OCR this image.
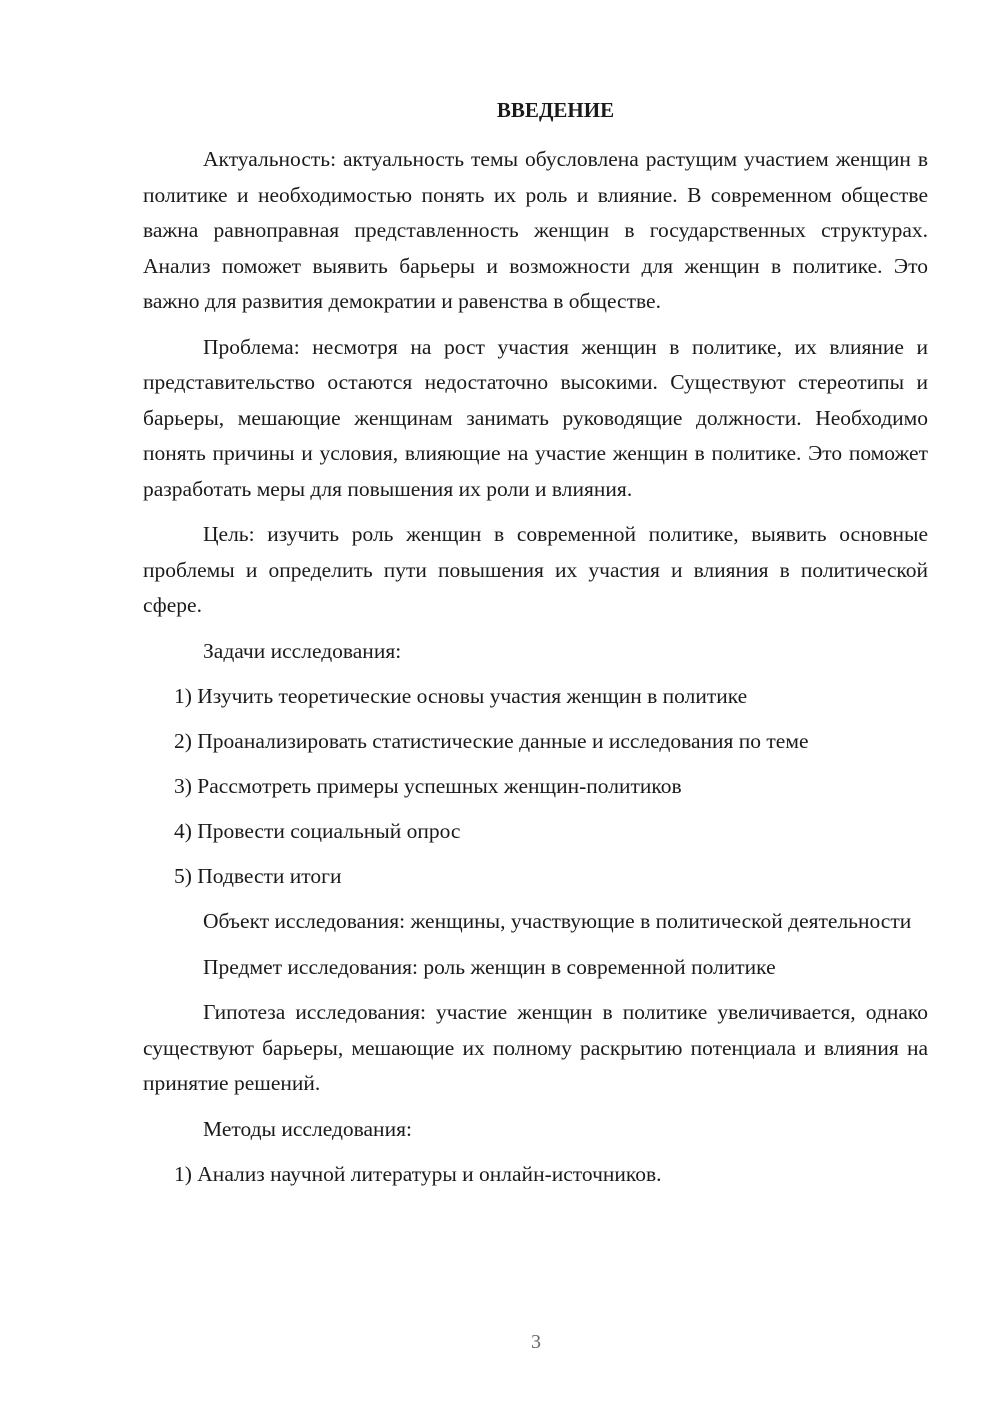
ВВЕДЕНИЕ

Актуальность: актуальность темы обусловлена растущим участием женщин в политике и необходимостью понять их роль и влияние. В современном обществе важна равноправная представленность женщин в государственных структурах. Анализ поможет выявить барьеры и возможности для женщин в политике. Это важно для развития демократии и равенства в обществе.

Проблема: несмотря на рост участия женщин в политике, их влияние и представительство остаются недостаточно высокими. Существуют стереотипы и барьеры, мешающие женщинам занимать руководящие должности. Необходимо понять причины и условия, влияющие на участие женщин в политике. Это поможет разработать меры для повышения их роли и влияния.

Цель: изучить роль женщин в современной политике, выявить основные проблемы и определить пути повышения их участия и влияния в политической сфере.

Задачи исследования:

1) Изучить теоретические основы участия женщин в политике

2) Проанализировать статистические данные и исследования по теме

3) Рассмотреть примеры успешных женщин-политиков

4) Провести социальный опрос

5) Подвести итоги

Объект исследования: женщины, участвующие в политической деятельности

Предмет исследования: роль женщин в современной политике

Гипотеза исследования: участие женщин в политике увеличивается, однако существуют барьеры, мешающие их полному раскрытию потенциала и влияния на принятие решений.

Методы исследования:

1) Анализ научной литературы и онлайн-источников.

3
